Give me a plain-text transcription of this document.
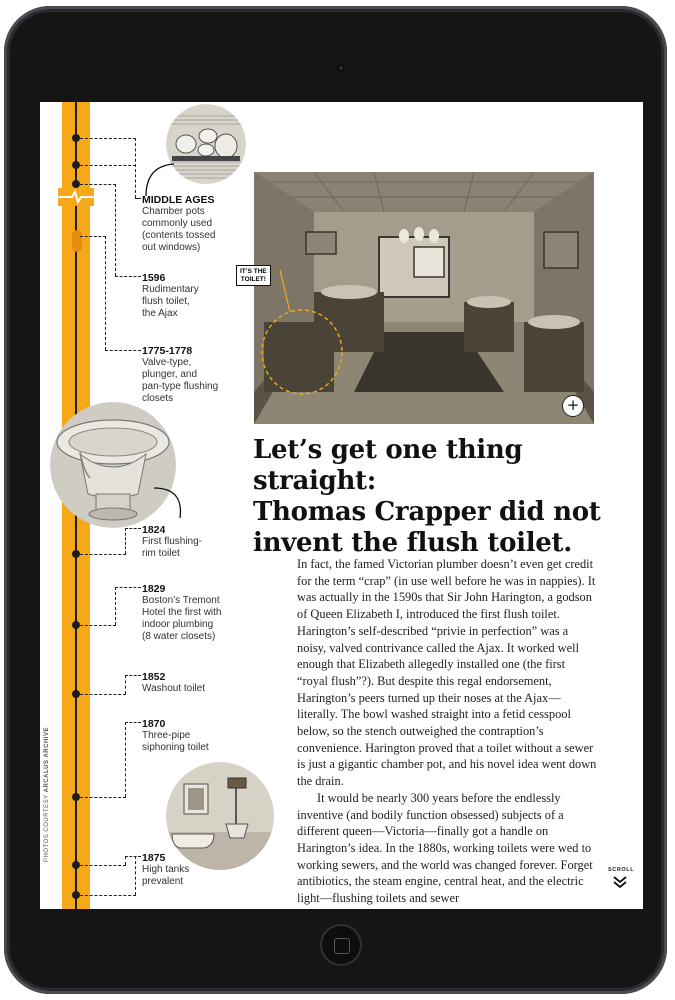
MIDDLE AGES
Chamber pots
commonly used
(contents tossed
out windows)
1596
Rudimentary
flush toilet,
the Ajax
1775-1778
Valve-type,
plunger, and
pan-type flushing
closets
1824
First flushing-
rim toilet
1829
Boston’s Tremont
Hotel the first with
indoor plumbing
(8 water closets)
1852
Washout toilet
1870
Three-pipe
siphoning toilet
1875
High tanks
prevalent
PHOTOS COURTESY ARCALUS ARCHIVE
IT’S THE
TOILET!
+
Let’s get one thing straight:
Thomas Crapper did not
invent the flush toilet.

In fact, the famed Victorian plumber doesn’t even get credit for the term “crap” (in use well before he was in nappies). It was actually in the 1590s that Sir John Harington, a godson of Queen Elizabeth I, introduced the first flush toilet. Harington’s self-described “privie in perfection” was a noisy, valved contrivance called the Ajax. It worked well enough that Elizabeth allegedly installed one (the first “royal flush”?). But despite this regal endorsement, Harington’s peers turned up their noses at the Ajax—literally. The bowl washed straight into a fetid cesspool below, so the stench outweighed the contraption’s convenience. Harington proved that a toilet without a sewer is just a gigantic chamber pot, and his novel idea went down the drain.

It would be nearly 300 years before the endlessly inventive (and bodily function obsessed) subjects of a different queen—Victoria—finally got a handle on Harington’s idea. In the 1880s, working toilets were wed to working sewers, and the world was changed forever. Forget antibiotics, the steam engine, central heat, and the electric light—flushing toilets and sewer

SCROLL
